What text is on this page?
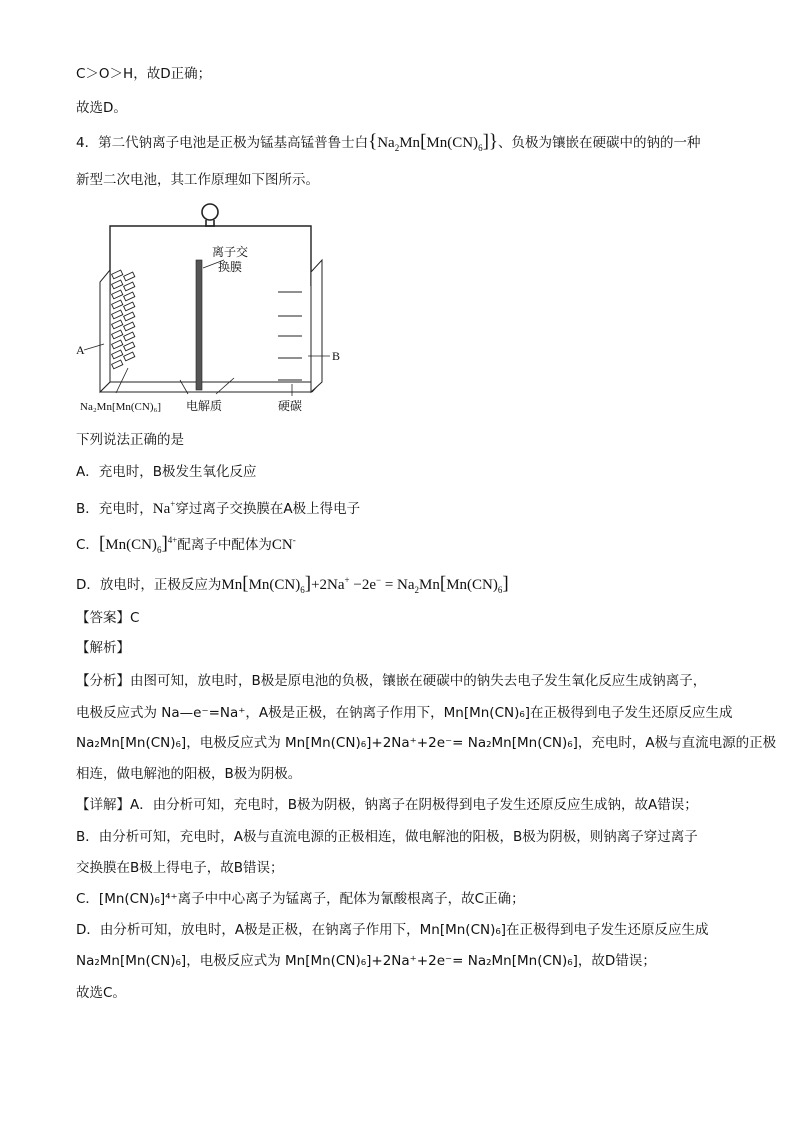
C＞O＞H，故D正确；
故选D。
4．第二代钠离子电池是正极为锰基高锰普鲁士白$\{Na_2Mn[Mn(CN)_6]\}$、负极为镶嵌在硬碳中的钠的一种
新型二次电池，其工作原理如下图所示。
离子交
换膜
A	B
Na₂Mn[Mn(CN)₆] 电解质	硬碳
下列说法正确的是
A．充电时，B极发生氧化反应
B．充电时，Na+穿过离子交换膜在A极上得电子
C．$[Mn(CN)_6]^{4+}$配离子中配体为CN-
D．放电时，正极反应为$Mn[Mn(CN)_6]+2Na^+ -2e^- = Na_2Mn[Mn(CN)_6]$
【答案】C
【解析】
【分析】由图可知，放电时，B极是原电池的负极，镶嵌在硬碳中的钠失去电子发生氧化反应生成钠离子，
电极反应式为 Na—e⁻=Na⁺，A极是正极，在钠离子作用下，Mn[Mn(CN)₆]在正极得到电子发生还原反应生成
Na₂Mn[Mn(CN)₆]，电极反应式为 Mn[Mn(CN)₆]+2Na⁺+2e⁻= Na₂Mn[Mn(CN)₆]，充电时，A极与直流电源的正极
相连，做电解池的阳极，B极为阴极。
【详解】A．由分析可知，充电时，B极为阴极，钠离子在阴极得到电子发生还原反应生成钠，故A错误；
B．由分析可知，充电时，A极与直流电源的正极相连，做电解池的阳极，B极为阴极，则钠离子穿过离子
交换膜在B极上得电子，故B错误；
C．[Mn(CN)₆]⁴⁺离子中中心离子为锰离子，配体为氰酸根离子，故C正确；
D．由分析可知，放电时，A极是正极，在钠离子作用下，Mn[Mn(CN)₆]在正极得到电子发生还原反应生成
Na₂Mn[Mn(CN)₆]，电极反应式为 Mn[Mn(CN)₆]+2Na⁺+2e⁻= Na₂Mn[Mn(CN)₆]，故D错误；
故选C。
